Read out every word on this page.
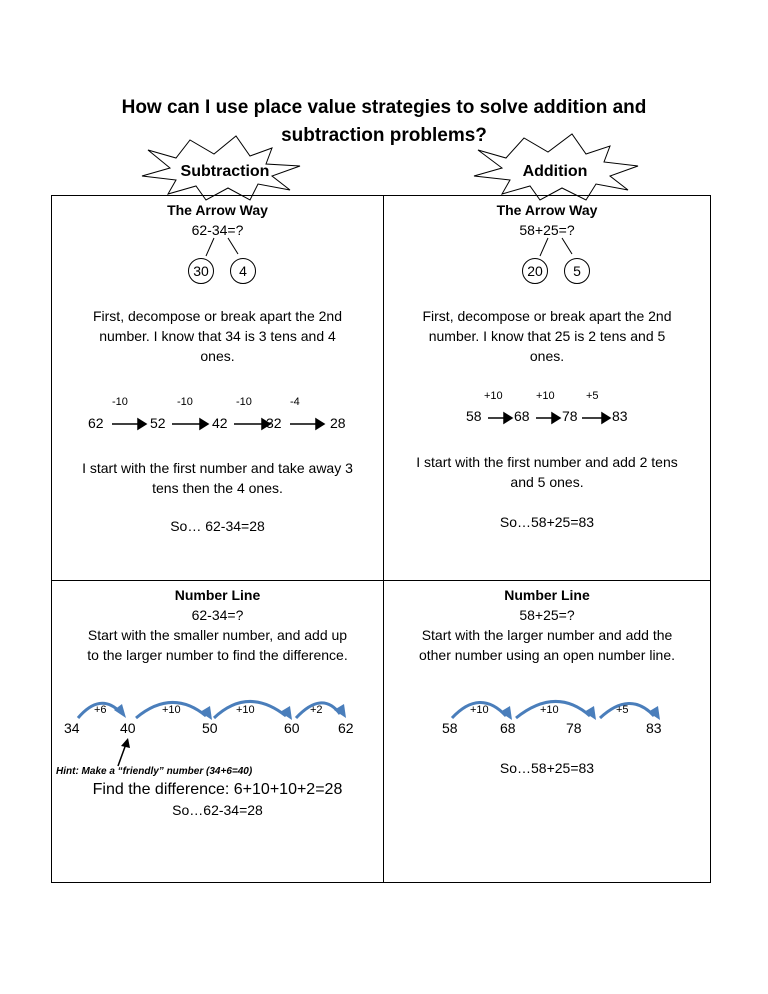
How can I use place value strategies to solve addition and
subtraction problems?
Subtraction	Addition
The Arrow Way
62-34=?
30	4
First, decompose or break apart the 2nd
number. I know that 34 is 3 tens and 4
ones.
-10	-10	-10	-4
62	52	42	32	28
I start with the first number and take away 3
tens then the 4 ones.
So… 62-34=28
The Arrow Way
58+25=?
20	5
First, decompose or break apart the 2nd
number. I know that 25 is 2 tens and 5
ones.
+10	+10	+5
58 68 78 83
I start with the first number and add 2 tens
and 5 ones.
So…58+25=83
Number Line
62-34=?
Start with the smaller number, and add up
to the larger number to find the difference.
+6	+10	+10	+2
34	40	50	60	62
Hint: Make a “friendly” number (34+6=40)
Find the difference: 6+10+10+2=28
So…62-34=28
Number Line
58+25=?
Start with the larger number and add the
other number using an open number line.
+10	+10	+5
58	68	78	83
So…58+25=83
